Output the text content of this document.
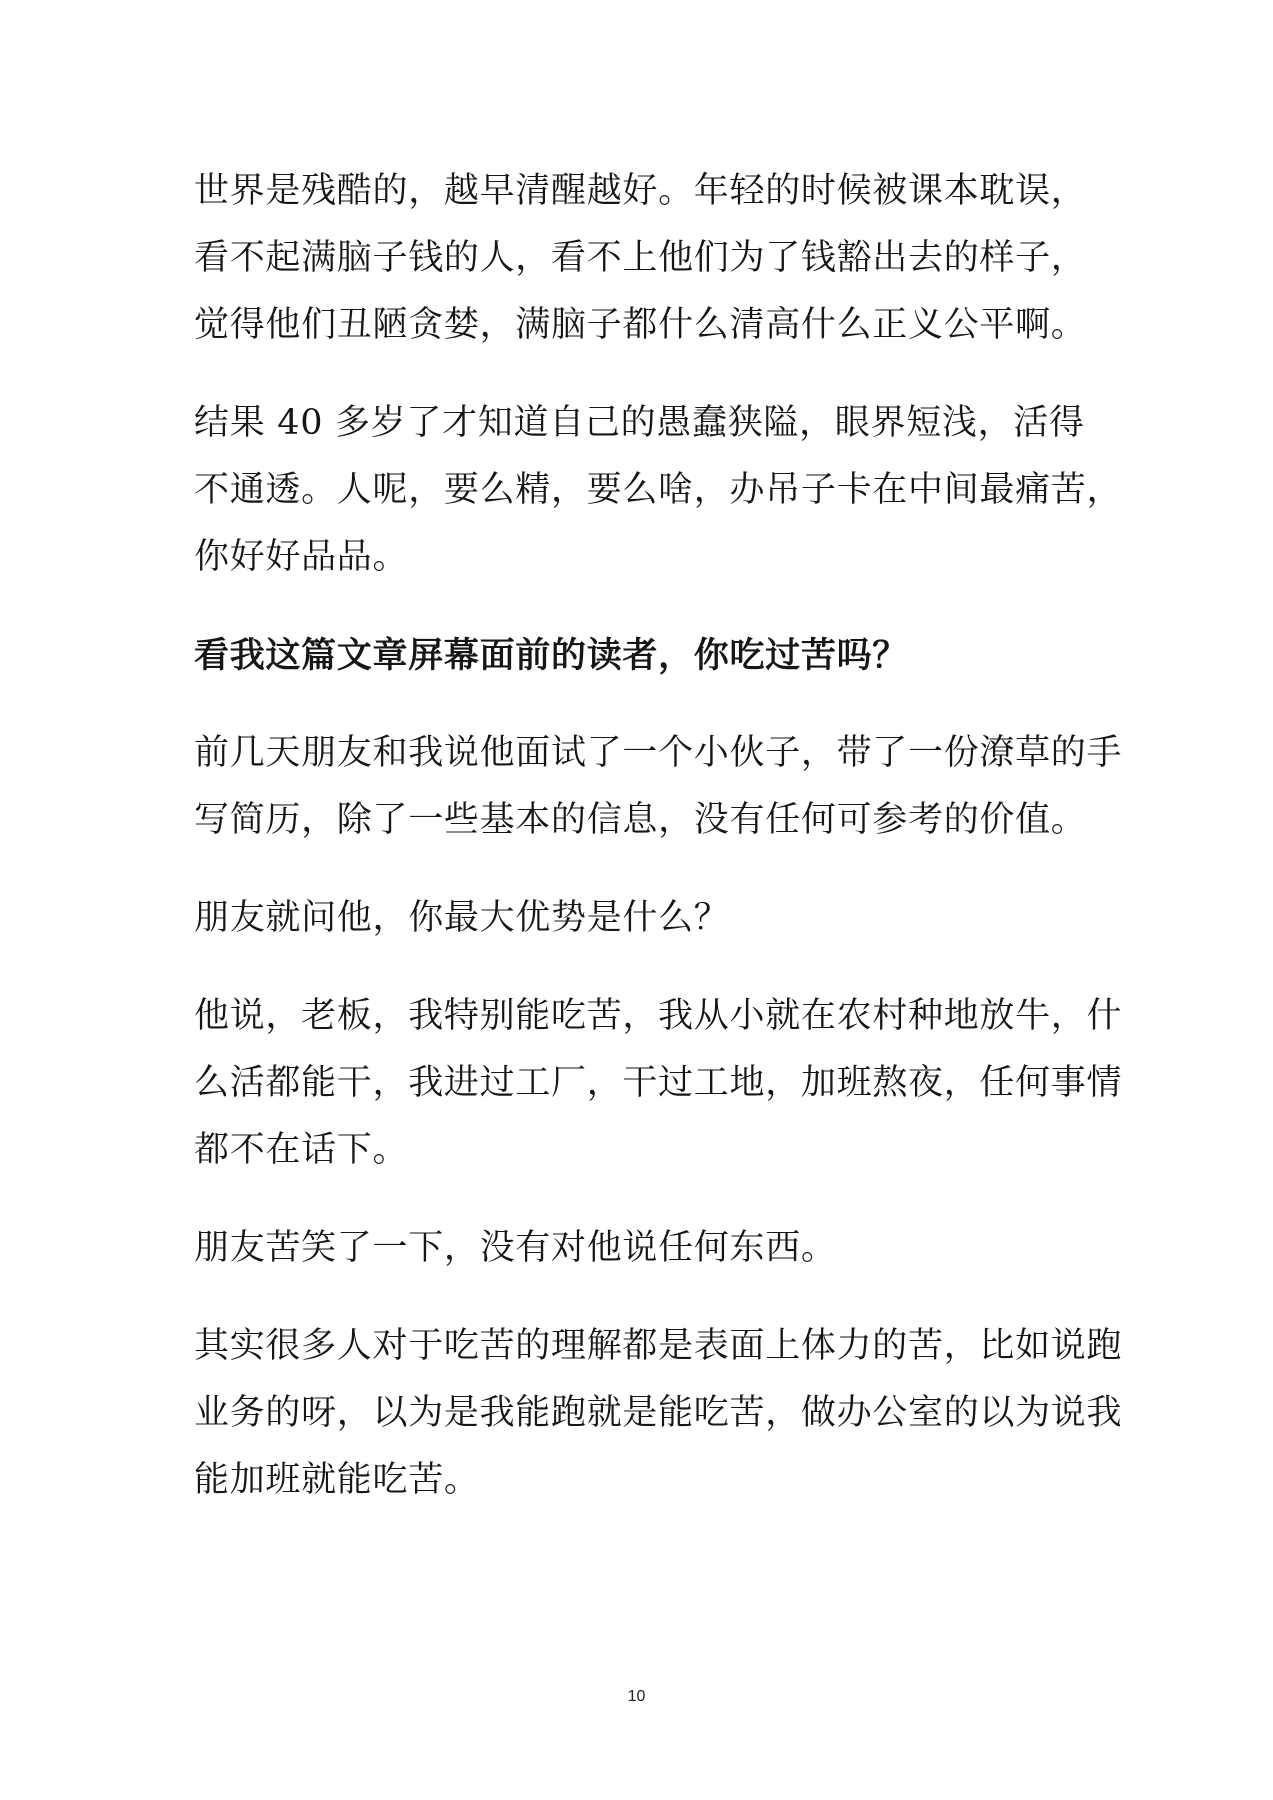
世界是残酷的，越早清醒越好。年轻的时候被课本耽误，
看不起满脑子钱的人，看不上他们为了钱豁出去的样子，
觉得他们丑陋贪婪，满脑子都什么清高什么正义公平啊。

结果 40 多岁了才知道自己的愚蠢狭隘，眼界短浅，活得
不通透。人呢，要么精，要么啥，办吊子卡在中间最痛苦，
你好好品品。

看我这篇文章屏幕面前的读者，你吃过苦吗？

前几天朋友和我说他面试了一个小伙子，带了一份潦草的手
写简历，除了一些基本的信息，没有任何可参考的价值。

朋友就问他，你最大优势是什么？

他说，老板，我特别能吃苦，我从小就在农村种地放牛，什
么活都能干，我进过工厂，干过工地，加班熬夜，任何事情
都不在话下。

朋友苦笑了一下，没有对他说任何东西。

其实很多人对于吃苦的理解都是表面上体力的苦，比如说跑
业务的呀，以为是我能跑就是能吃苦，做办公室的以为说我
能加班就能吃苦。

10
